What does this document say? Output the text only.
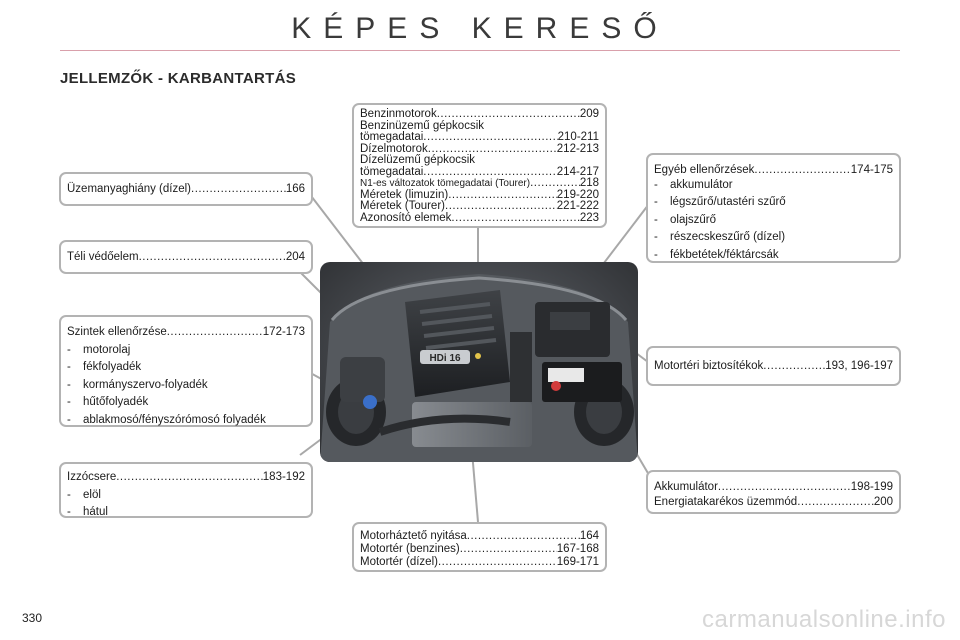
KÉPES KERESŐ
JELLEMZŐK - KARBANTARTÁS
HDi 16
Üzemanyaghiány (dízel) .....	166
Téli védőelem .....	204
Szintek ellenőrzése .....	172-173
-	motorolaj
-	fékfolyadék
-	kormányszervo-folyadék
-	hűtőfolyadék
-	ablakmosó/fényszórómosó folyadék
Izzócsere .....	183-192
-	elöl
-	hátul
Benzinmotorok .....	209
Benzinüzemű gépkocsik
tömegadatai .....	210-211
Dízelmotorok .....	212-213
Dízelüzemű gépkocsik
tömegadatai .....	214-217
N1-es változatok tömegadatai (Tourer) .....	218
Méretek (limuzin) .....	219-220
Méretek (Tourer) .....	221-222
Azonosító elemek .....	223
Egyéb ellenőrzések .....	174-175
-	akkumulátor
-	légszűrő/utastéri szűrő
-	olajszűrő
-	részecskeszűrő (dízel)
-	fékbetétek/féktárcsák
Motortéri biztosítékok .....	193, 196-197
Akkumulátor .....	198-199
Energiatakarékos üzemmód .....	200
Motorháztető nyitása .....	164
Motortér (benzines) .....	167-168
Motortér (dízel) .....	169-171
330	carmanualsonline.info
